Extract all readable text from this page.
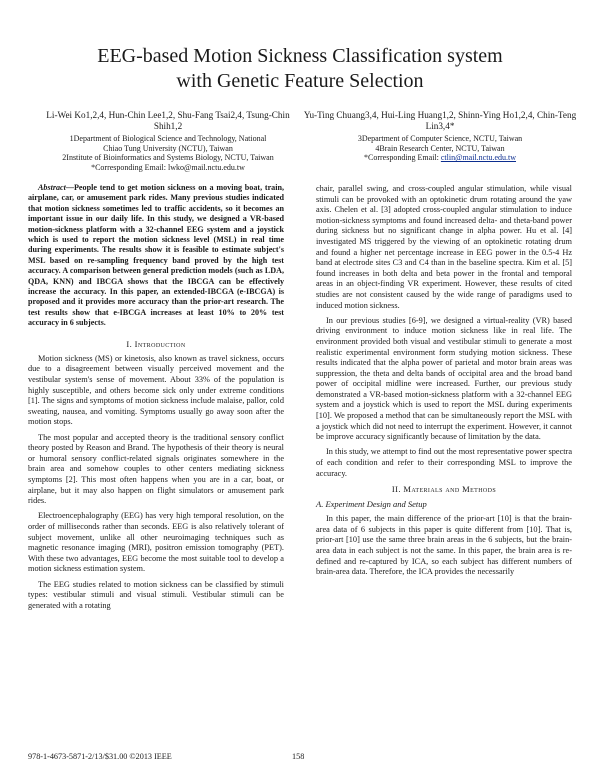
EEG-based Motion Sickness Classification system
with Genetic Feature Selection
Li-Wei Ko1,2,4, Hun-Chin Lee1,2, Shu-Fang Tsai2,4, Tsung-Chin Shih1,2
1Department of Biological Science and Technology, National
Chiao Tung University (NCTU), Taiwan
2Institute of Bioinformatics and Systems Biology, NCTU, Taiwan
*Corresponding Email: lwko@mail.nctu.edu.tw
Yu-Ting Chuang3,4, Hui-Ling Huang1,2, Shinn-Ying Ho1,2,4, Chin-Teng Lin3,4*
3Department of Computer Science, NCTU, Taiwan
4Brain Research Center, NCTU, Taiwan
*Corresponding Email: ctlin@mail.nctu.edu.tw

Abstract—People tend to get motion sickness on a moving boat, train, airplane, car, or amusement park rides. Many previous studies indicated that motion sickness sometimes led to traffic accidents, so it becomes an important issue in our daily life. In this study, we designed a VR-based motion-sickness platform with a 32-channel EEG system and a joystick which is used to report the motion sickness level (MSL) in real time during experiments. The results show it is feasible to estimate subject's MSL based on re-sampling frequency band proved by the high test accuracy. A comparison between general prediction models (such as LDA, QDA, KNN) and IBCGA shows that the IBCGA can be effectively increase the accuracy. In this paper, an extended-IBCGA (e-IBCGA) is proposed and it provides more accuracy than the prior-art research. The test results show that e-IBCGA increases at least 10% to 20% test accuracy in 6 subjects.

I. Introduction

Motion sickness (MS) or kinetosis, also known as travel sickness, occurs due to a disagreement between visually perceived movement and the vestibular system's sense of movement. About 33% of the population is highly susceptible, and others become sick only under extreme conditions [1]. The signs and symptoms of motion sickness include malaise, pallor, cold sweating, nausea, and vomiting. Symptoms usually go away soon after the motion stops.

The most popular and accepted theory is the traditional sensory conflict theory posted by Reason and Brand. The hypothesis of their theory is neural or humoral sensory conflict-related signals originates somewhere in the brain area and somehow couples to other centers mediating sickness symptoms [2]. This most often happens when you are in a car, boat, or airplane, but it may also happen on flight simulators or amusement park rides.

Electroencephalography (EEG) has very high temporal resolution, on the order of milliseconds rather than seconds. EEG is also relatively tolerant of subject movement, unlike all other neuroimaging techniques such as magnetic resonance imaging (MRI), positron emission tomography (PET). With these two advantages, EEG become the most suitable tool to develop a motion sickness estimation system.

The EEG studies related to motion sickness can be classified by stimuli types: vestibular stimuli and visual stimuli. Vestibular stimuli can be generated with a rotating

chair, parallel swing, and cross-coupled angular stimulation, while visual stimuli can be provoked with an optokinetic drum rotating around the yaw axis. Chelen et al. [3] adopted cross-coupled angular stimulation to induce motion-sickness symptoms and found increased delta- and theta-band power during sickness but no significant change in alpha power. Hu et al. [4] investigated MS triggered by the viewing of an optokinetic rotating drum and found a higher net percentage increase in EEG power in the 0.5-4 Hz band at electrode sites C3 and C4 than in the baseline spectra. Kim et al. [5] found increases in both delta and beta power in the frontal and temporal areas in an object-finding VR experiment. However, these results of cited studies are not consistent caused by the wide range of paradigms used to induced motion sickness.

In our previous studies [6-9], we designed a virtual-reality (VR) based driving environment to induce motion sickness like in real life. The environment provided both visual and vestibular stimuli to generate a most realistic experimental environment form studying motion sickness. These results indicated that the alpha power of parietal and motor brain areas was suppression, the theta and delta bands of occipital area and the broad band power of occipital midline were increased. Further, our previous study demonstrated a VR-based motion-sickness platform with a 32-channel EEG system and a joystick which is used to report the MSL during experiments [10]. We proposed a method that can be simultaneously report the MSL with a joystick which did not need to interrupt the experiment. However, it cannot be improve accuracy significantly because of limitation by the data.

In this study, we attempt to find out the most representative power spectra of each condition and refer to their corresponding MSL to improve the accuracy.

II. Materials and Methods

A. Experiment Design and Setup

In this paper, the main difference of the prior-art [10] is that the brain-area data of 6 subjects in this paper is quite different from [10]. That is, prior-art [10] use the same three brain areas in the 6 subjects, but the brain-area data in each subject is not the same. In this paper, the brain area is re-defined and re-captured by ICA, so each subject has different numbers of brain-area data. Therefore, the ICA provides the necessarily

978-1-4673-5871-2/13/$31.00 ©2013 IEEE	158
